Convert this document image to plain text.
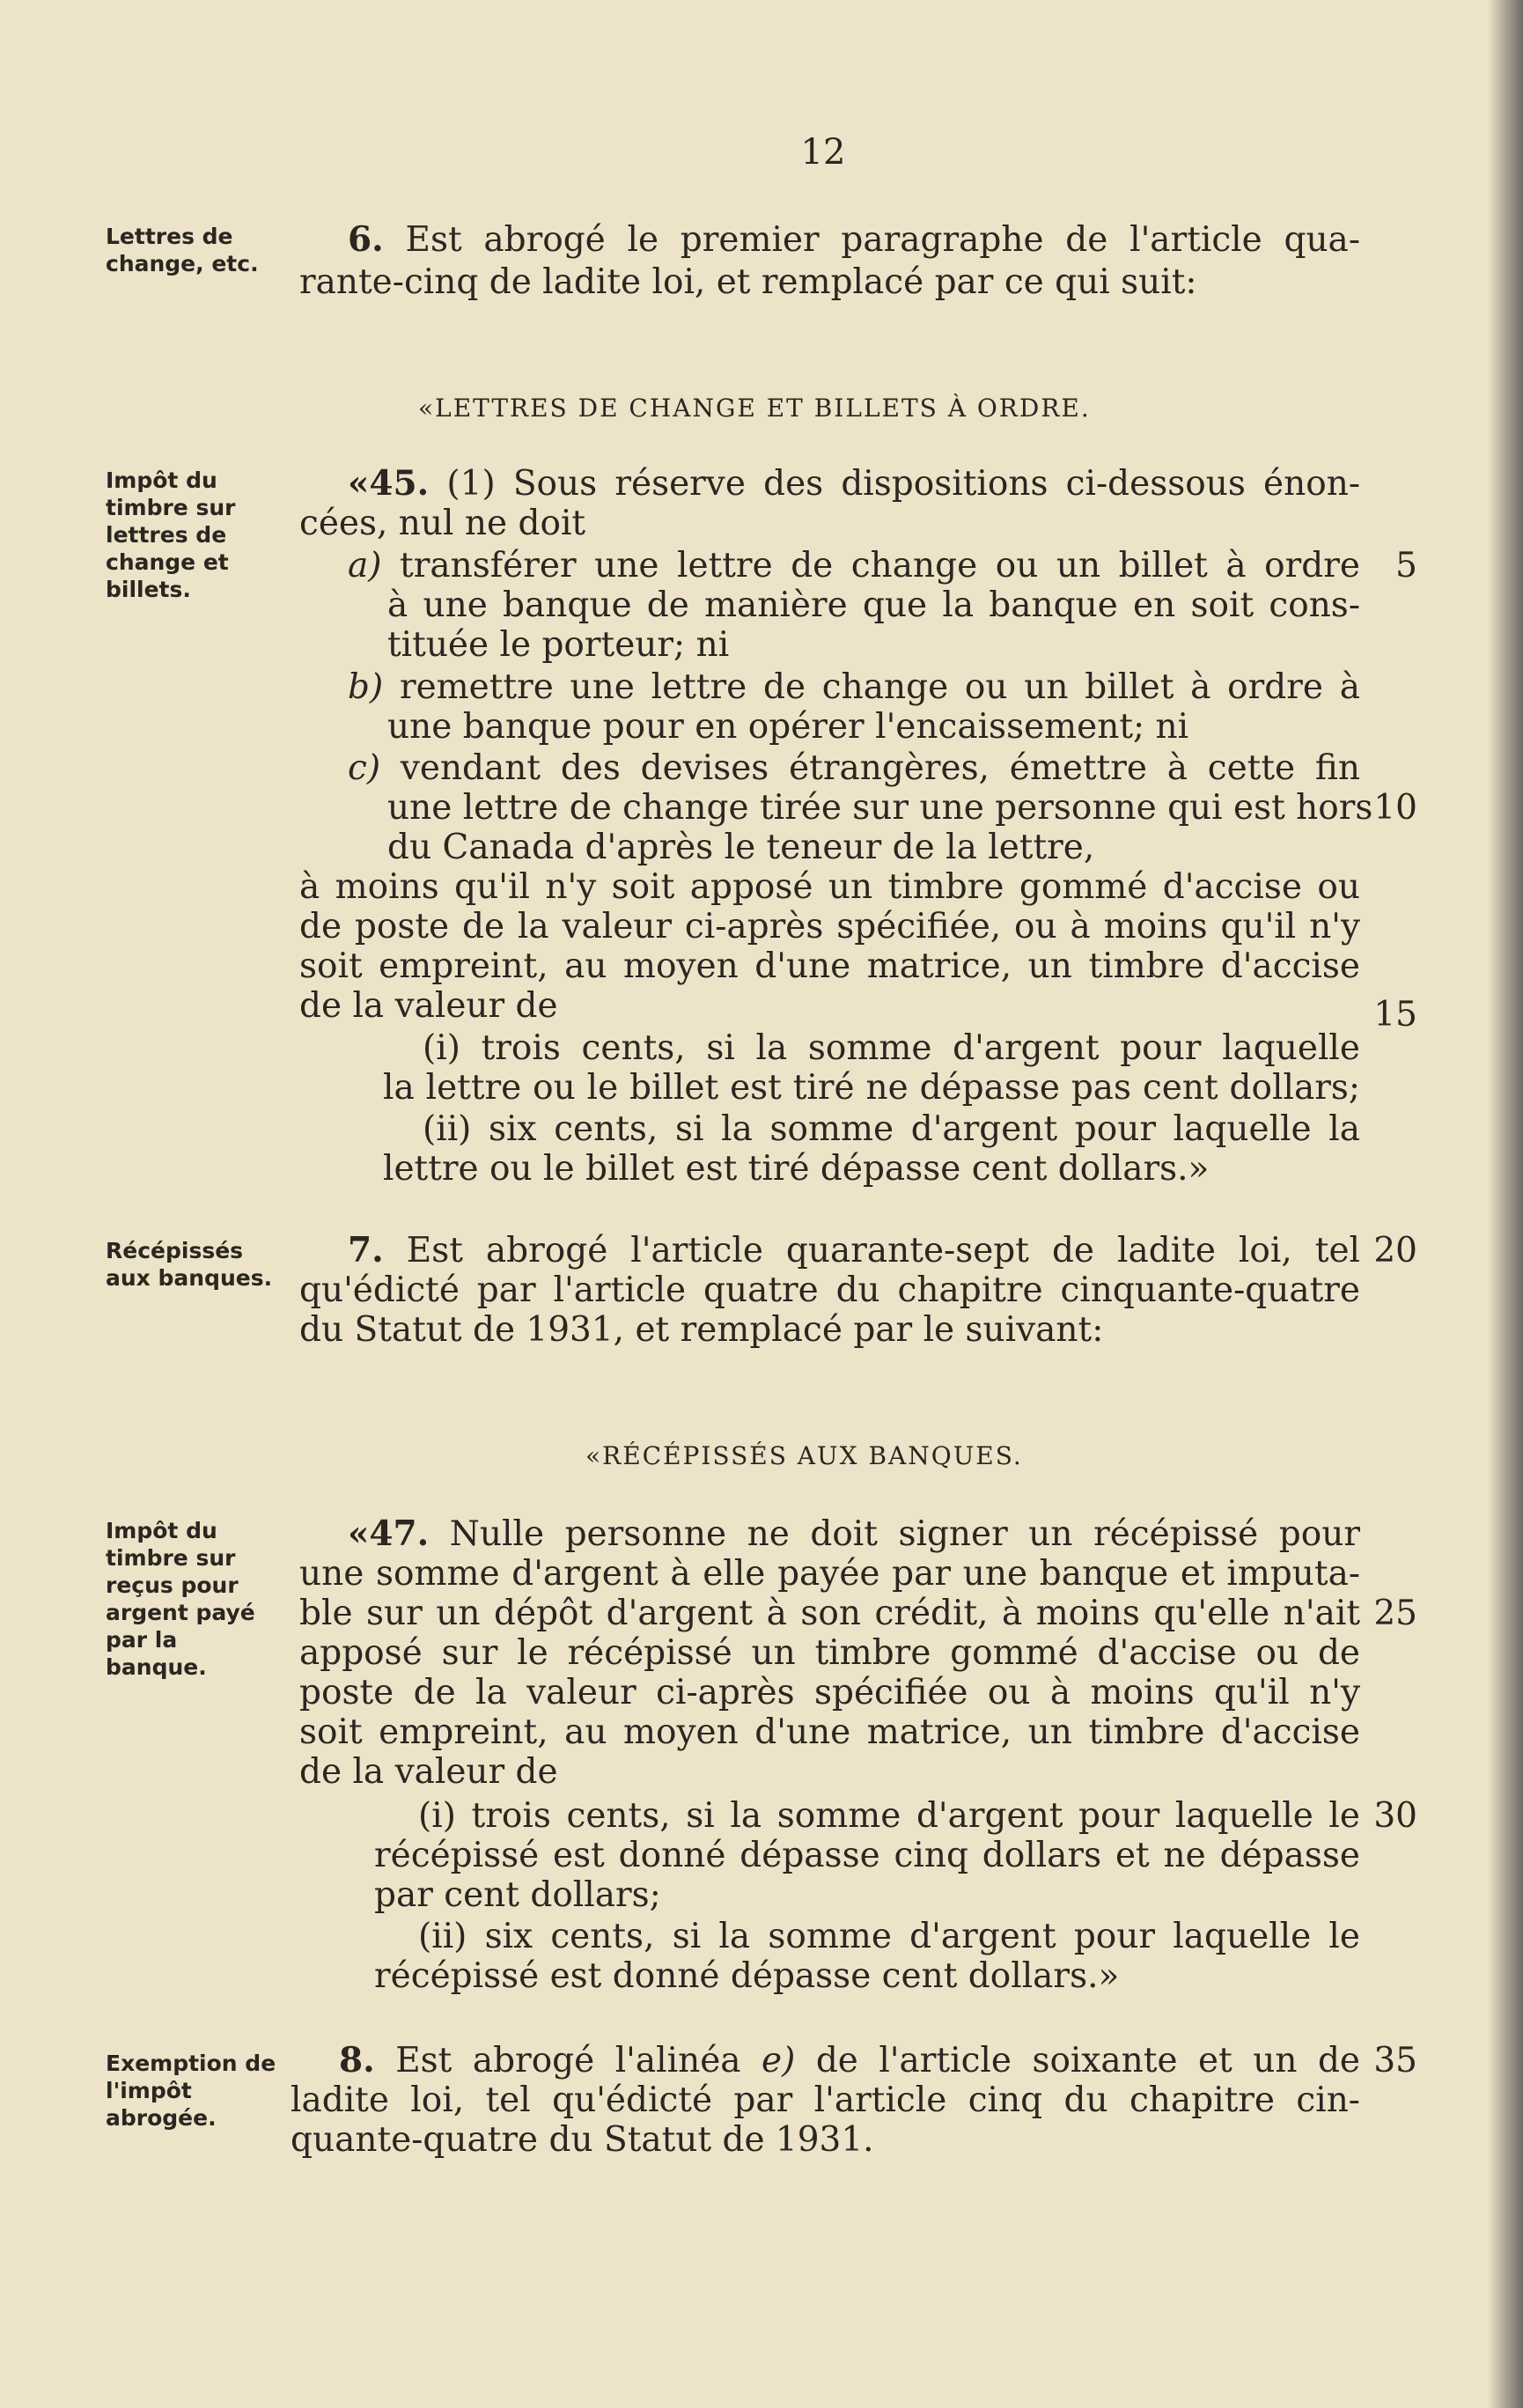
12
Lettres de change, etc.
Impôt du timbre sur lettres de change et billets.
Récépissés aux banques.
Impôt du timbre sur reçus pour argent payé par la banque.
Exemption de l'impôt abrogée.
6. Est abrogé le premier paragraphe de l'article qua-
rante-cinq de ladite loi, et remplacé par ce qui suit:
«LETTRES DE CHANGE ET BILLETS À ORDRE.
«45. (1) Sous réserve des dispositions ci-dessous énon-
cées, nul ne doit
a) transférer une lettre de change ou un billet à ordre
à une banque de manière que la banque en soit cons-
tituée le porteur; ni
b) remettre une lettre de change ou un billet à ordre à
une banque pour en opérer l'encaissement; ni
c) vendant des devises étrangères, émettre à cette fin
une lettre de change tirée sur une personne qui est hors
du Canada d'après le teneur de la lettre,
à moins qu'il n'y soit apposé un timbre gommé d'accise ou
de poste de la valeur ci-après spécifiée, ou à moins qu'il n'y
soit empreint, au moyen d'une matrice, un timbre d'accise
de la valeur de
(i) trois cents, si la somme d'argent pour laquelle
la lettre ou le billet est tiré ne dépasse pas cent dollars;
(ii) six cents, si la somme d'argent pour laquelle la
lettre ou le billet est tiré dépasse cent dollars.»
7. Est abrogé l'article quarante-sept de ladite loi, tel
qu'édicté par l'article quatre du chapitre cinquante-quatre
du Statut de 1931, et remplacé par le suivant:
«RÉCÉPISSÉS AUX BANQUES.
«47. Nulle personne ne doit signer un récépissé pour
une somme d'argent à elle payée par une banque et imputa-
ble sur un dépôt d'argent à son crédit, à moins qu'elle n'ait
apposé sur le récépissé un timbre gommé d'accise ou de
poste de la valeur ci-après spécifiée ou à moins qu'il n'y
soit empreint, au moyen d'une matrice, un timbre d'accise
de la valeur de
(i) trois cents, si la somme d'argent pour laquelle le
récépissé est donné dépasse cinq dollars et ne dépasse
par cent dollars;
(ii) six cents, si la somme d'argent pour laquelle le
récépissé est donné dépasse cent dollars.»
8. Est abrogé l'alinéa e) de l'article soixante et un de
ladite loi, tel qu'édicté par l'article cinq du chapitre cin-
quante-quatre du Statut de 1931.
5
10
15
20
25
30
35
